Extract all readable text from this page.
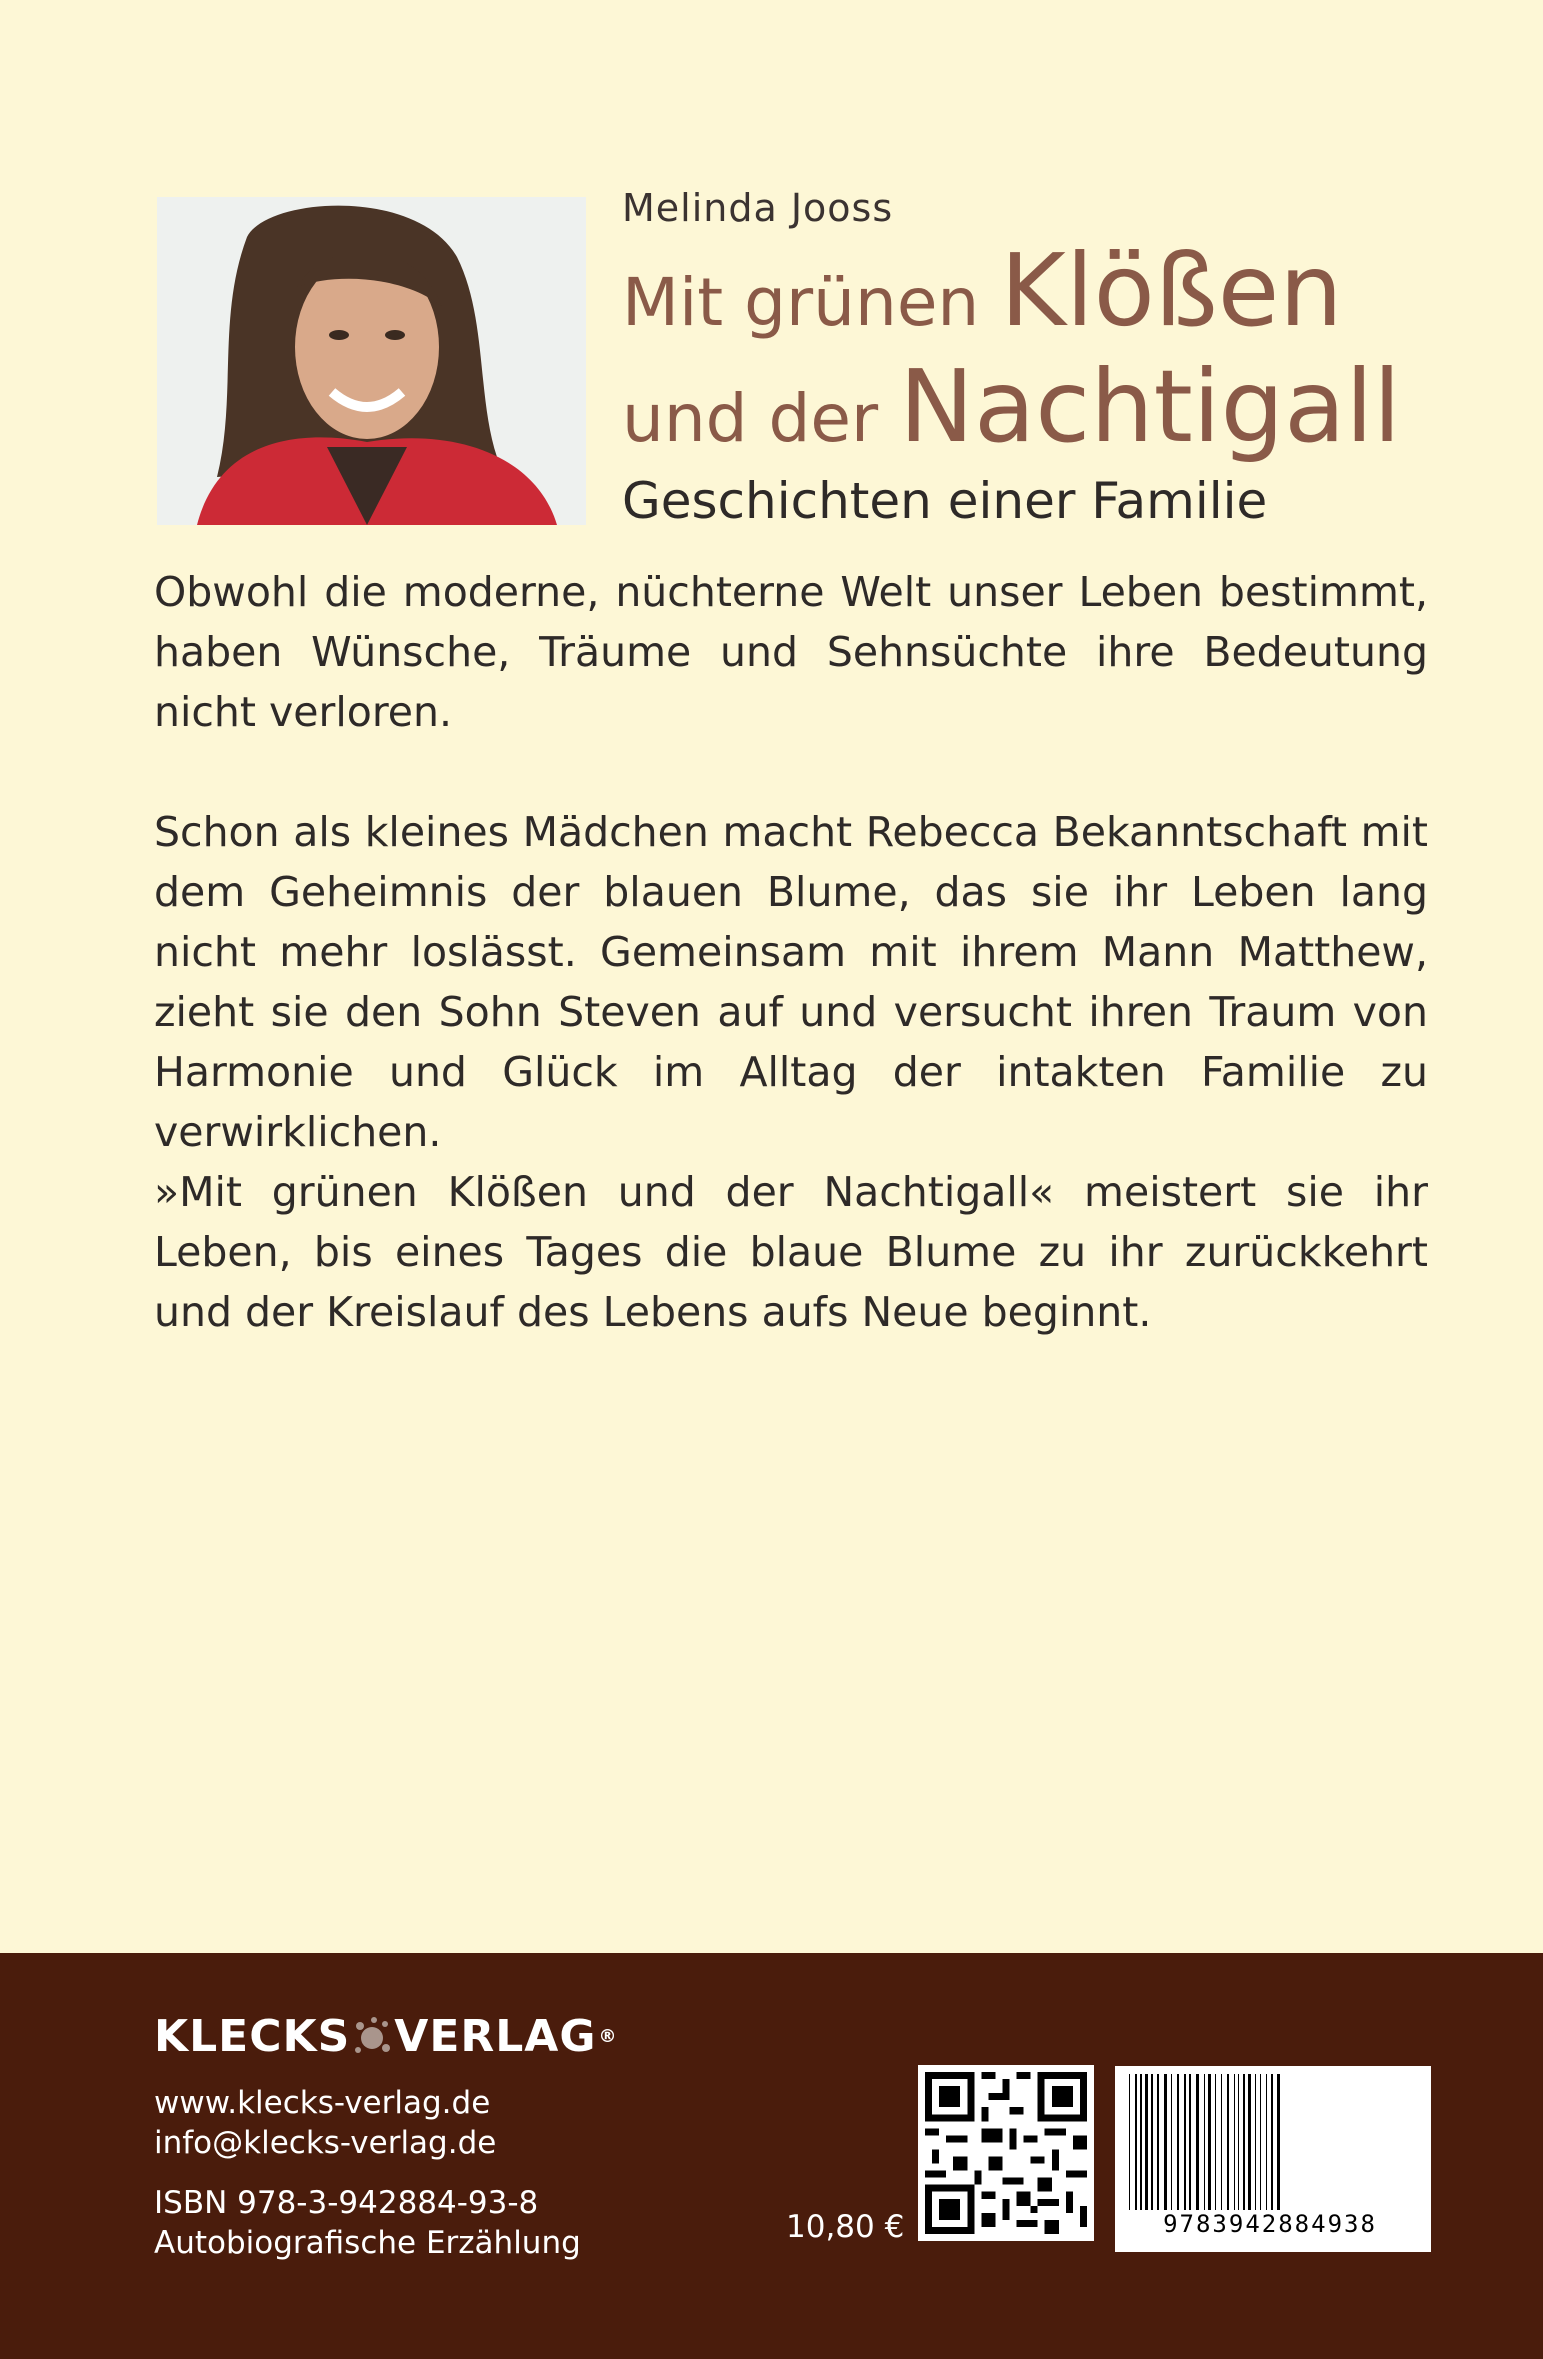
Melinda Jooss
Mit grünen Klößen
und der Nachtigall
Geschichten einer Familie

Obwohl die moderne, nüchterne Welt unser Leben bestimmt, haben Wünsche, Träume und Sehnsüchte ihre Bedeutung nicht verloren.

Schon als kleines Mädchen macht Rebecca Bekanntschaft mit dem Geheimnis der blauen Blume, das sie ihr Leben lang nicht mehr loslässt. Gemeinsam mit ihrem Mann Matthew, zieht sie den Sohn Steven auf und versucht ihren Traum von Harmonie und Glück im Alltag der intakten Familie zu verwirklichen.

»Mit grünen Klößen und der Nachtigall« meistert sie ihr Leben, bis eines Tages die blaue Blume zu ihr zurückkehrt und der Kreislauf des Lebens aufs Neue beginnt.

KLECKS VERLAG ®
www.klecks-verlag.de
info@klecks-verlag.de
ISBN 978-3-942884-93-8
Autobiografische Erzählung	10,80 €	9783942884938
